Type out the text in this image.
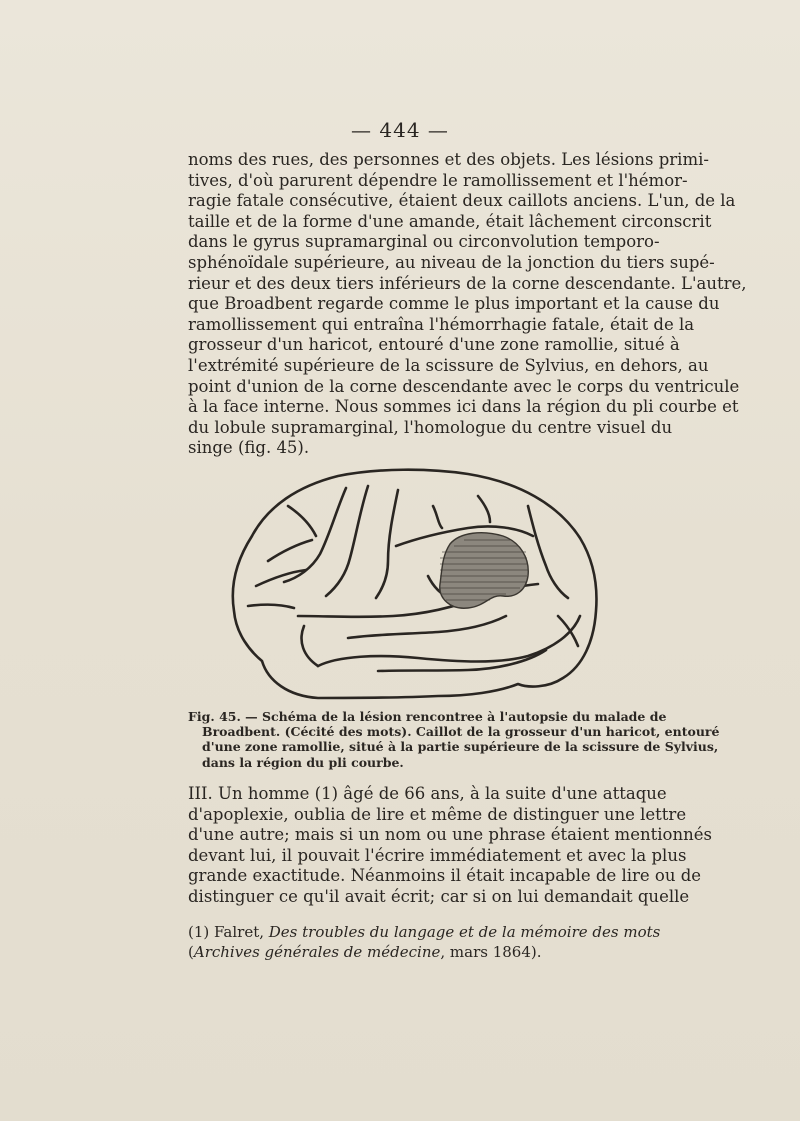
— 444 —
noms des rues, des personnes et des objets. Les lésions primi-
tives, d'où parurent dépendre le ramollissement et l'hémor-
ragie fatale consécutive, étaient deux caillots anciens. L'un, de la
taille et de la forme d'une amande, était lâchement circonscrit
dans le gyrus supramarginal ou circonvolution temporo-
sphénoïdale supérieure, au niveau de la jonction du tiers supé-
rieur et des deux tiers inférieurs de la corne descendante. L'autre,
que Broadbent regarde comme le plus important et la cause du
ramollissement qui entraîna l'hémorrhagie fatale, était de la
grosseur d'un haricot, entouré d'une zone ramollie, situé à
l'extrémité supérieure de la scissure de Sylvius, en dehors, au
point d'union de la corne descendante avec le corps du ventricule
à la face interne. Nous sommes ici dans la région du pli courbe et
du lobule supramarginal, l'homologue du centre visuel du
singe (fig. 45).
Fig. 45. — Schéma de la lésion rencontree à l'autopsie du malade de
Broadbent. (Cécité des mots). Caillot de la grosseur d'un haricot, entouré
d'une zone ramollie, situé à la partie supérieure de la scissure de Sylvius,
dans la région du pli courbe.
III. Un homme (1) âgé de 66 ans, à la suite d'une attaque
d'apoplexie, oublia de lire et même de distinguer une lettre
d'une autre; mais si un nom ou une phrase étaient mentionnés
devant lui, il pouvait l'écrire immédiatement et avec la plus
grande exactitude. Néanmoins il était incapable de lire ou de
distinguer ce qu'il avait écrit; car si on lui demandait quelle
(1) Falret, Des troubles du langage et de la mémoire des mots
(Archives générales de médecine, mars 1864).
